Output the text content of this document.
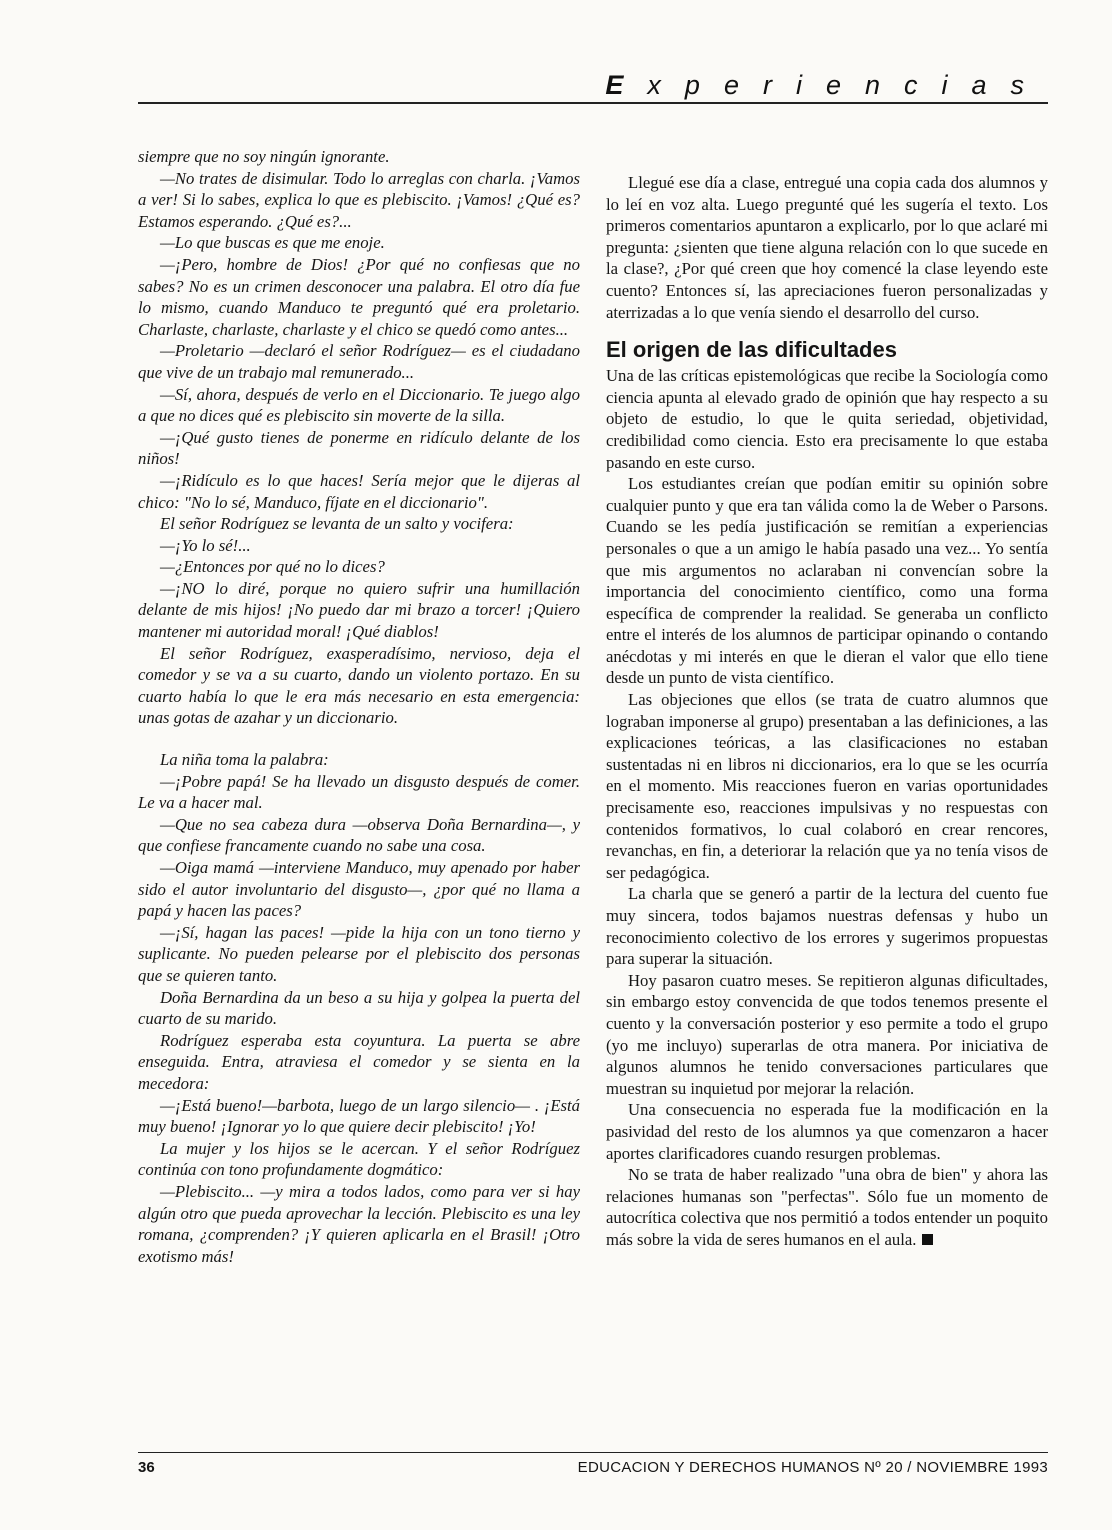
Experiencias

siempre que no soy ningún ignorante.

—No trates de disimular. Todo lo arreglas con charla. ¡Vamos a ver! Si lo sabes, explica lo que es plebiscito. ¡Vamos! ¿Qué es? Estamos esperando. ¿Qué es?...

—Lo que buscas es que me enoje.

—¡Pero, hombre de Dios! ¿Por qué no confiesas que no sabes? No es un crimen desconocer una palabra. El otro día fue lo mismo, cuando Manduco te preguntó qué era proletario. Charlaste, charlaste, charlaste y el chico se quedó como antes...

—Proletario —declaró el señor Rodríguez— es el ciudadano que vive de un trabajo mal remunerado...

—Sí, ahora, después de verlo en el Diccionario. Te juego algo a que no dices qué es plebiscito sin moverte de la silla.

—¡Qué gusto tienes de ponerme en ridículo delante de los niños!

—¡Ridículo es lo que haces! Sería mejor que le dijeras al chico: "No lo sé, Manduco, fíjate en el diccionario".

El señor Rodríguez se levanta de un salto y vocifera:

—¡Yo lo sé!...

—¿Entonces por qué no lo dices?

—¡NO lo diré, porque no quiero sufrir una humillación delante de mis hijos! ¡No puedo dar mi brazo a torcer! ¡Quiero mantener mi autoridad moral! ¡Qué diablos!

El señor Rodríguez, exasperadísimo, nervioso, deja el comedor y se va a su cuarto, dando un violento portazo. En su cuarto había lo que le era más necesario en esta emergencia: unas gotas de azahar y un diccionario.

La niña toma la palabra:

—¡Pobre papá! Se ha llevado un disgusto después de comer. Le va a hacer mal.

—Que no sea cabeza dura —observa Doña Bernardina—, y que confiese francamente cuando no sabe una cosa.

—Oiga mamá —interviene Manduco, muy apenado por haber sido el autor involuntario del disgusto—, ¿por qué no llama a papá y hacen las paces?

—¡Sí, hagan las paces! —pide la hija con un tono tierno y suplicante. No pueden pelearse por el plebiscito dos personas que se quieren tanto.

Doña Bernardina da un beso a su hija y golpea la puerta del cuarto de su marido.

Rodríguez esperaba esta coyuntura. La puerta se abre enseguida. Entra, atraviesa el comedor y se sienta en la mecedora:

—¡Está bueno!—barbota, luego de un largo silencio— . ¡Está muy bueno! ¡Ignorar yo lo que quiere decir plebiscito! ¡Yo!

La mujer y los hijos se le acercan. Y el señor Rodríguez continúa con tono profundamente dogmático:

—Plebiscito... —y mira a todos lados, como para ver si hay algún otro que pueda aprovechar la lección. Plebiscito es una ley romana, ¿comprenden? ¡Y quieren aplicarla en el Brasil! ¡Otro exotismo más!

Llegué ese día a clase, entregué una copia cada dos alumnos y lo leí en voz alta. Luego pregunté qué les sugería el texto. Los primeros comentarios apuntaron a explicarlo, por lo que aclaré mi pregunta: ¿sienten que tiene alguna relación con lo que sucede en la clase?, ¿Por qué creen que hoy comencé la clase leyendo este cuento? Entonces sí, las apreciaciones fueron personalizadas y aterrizadas a lo que venía siendo el desarrollo del curso.

El origen de las dificultades

Una de las críticas epistemológicas que recibe la Sociología como ciencia apunta al elevado grado de opinión que hay respecto a su objeto de estudio, lo que le quita seriedad, objetividad, credibilidad como ciencia. Esto era precisamente lo que estaba pasando en este curso.

Los estudiantes creían que podían emitir su opinión sobre cualquier punto y que era tan válida como la de Weber o Parsons. Cuando se les pedía justificación se remitían a experiencias personales o que a un amigo le había pasado una vez... Yo sentía que mis argumentos no aclaraban ni convencían sobre la importancia del conocimiento científico, como una forma específica de comprender la realidad. Se generaba un conflicto entre el interés de los alumnos de participar opinando o contando anécdotas y mi interés en que le dieran el valor que ello tiene desde un punto de vista científico.

Las objeciones que ellos (se trata de cuatro alumnos que lograban imponerse al grupo) presentaban a las definiciones, a las explicaciones teóricas, a las clasificaciones no estaban sustentadas ni en libros ni diccionarios, era lo que se les ocurría en el momento. Mis reacciones fueron en varias oportunidades precisamente eso, reacciones impulsivas y no respuestas con contenidos formativos, lo cual colaboró en crear rencores, revanchas, en fin, a deteriorar la relación que ya no tenía visos de ser pedagógica.

La charla que se generó a partir de la lectura del cuento fue muy sincera, todos bajamos nuestras defensas y hubo un reconocimiento colectivo de los errores y sugerimos propuestas para superar la situación.

Hoy pasaron cuatro meses. Se repitieron algunas dificultades, sin embargo estoy convencida de que todos tenemos presente el cuento y la conversación posterior y eso permite a todo el grupo (yo me incluyo) superarlas de otra manera. Por iniciativa de algunos alumnos he tenido conversaciones particulares que muestran su inquietud por mejorar la relación.

Una consecuencia no esperada fue la modificación en la pasividad del resto de los alumnos ya que comenzaron a hacer aportes clarificadores cuando resurgen problemas.

No se trata de haber realizado "una obra de bien" y ahora las relaciones humanas son "perfectas". Sólo fue un momento de autocrítica colectiva que nos permitió a todos entender un poquito más sobre la vida de seres humanos en el aula.

36	EDUCACION Y DERECHOS HUMANOS Nº 20 / NOVIEMBRE 1993
